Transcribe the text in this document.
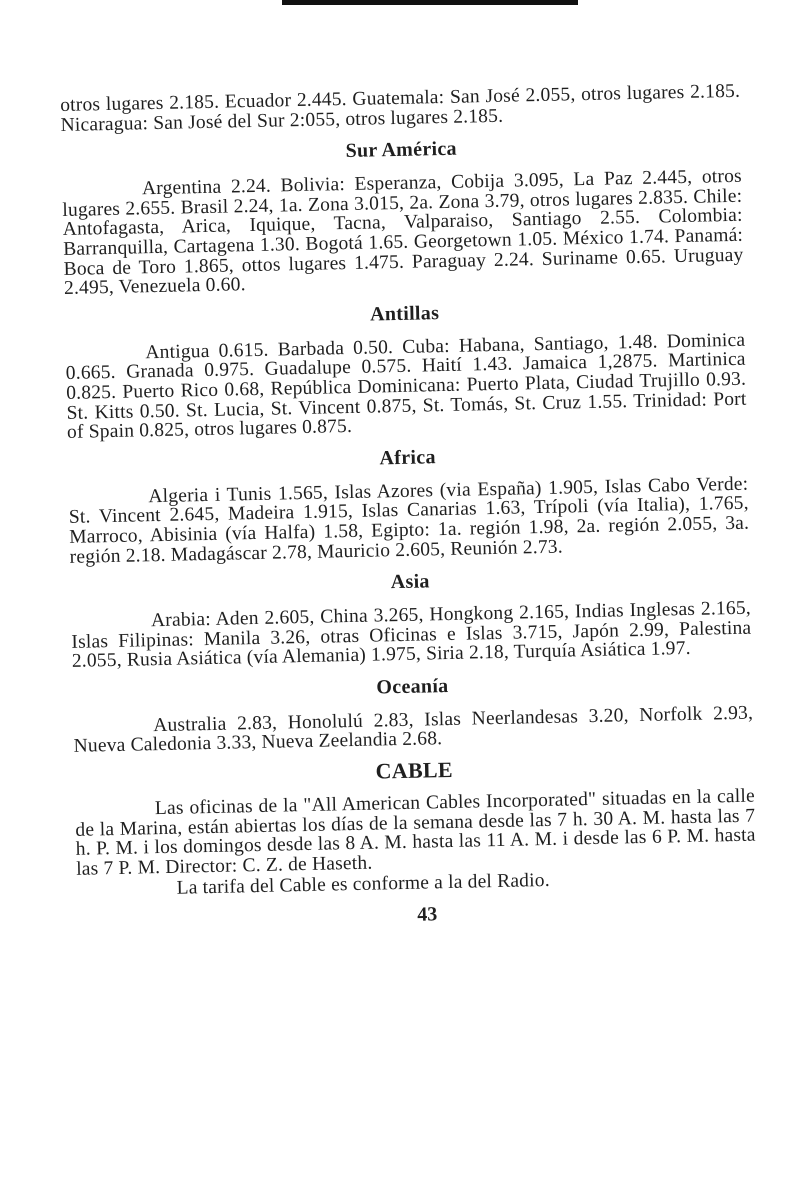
otros lugares 2.185. Ecuador 2.445. Guatemala: San José 2.055, otros lugares 2.185. Nicaragua: San José del Sur 2:055, otros lugares 2.185.

Sur América

Argentina 2.24. Bolivia: Esperanza, Cobija 3.095, La Paz 2.445, otros lugares 2.655. Brasil 2.24, 1a. Zona 3.015, 2a. Zona 3.79, otros lugares 2.835. Chile: Antofagasta, Arica, Iquique, Tacna, Valparaiso, Santiago 2.55. Colombia: Barranquilla, Cartagena 1.30. Bogotá 1.65. Georgetown 1.05. México 1.74. Panamá: Boca de Toro 1.865, ottos lugares 1.475. Paraguay 2.24. Suriname 0.65. Uruguay 2.495, Venezuela 0.60.

Antillas

Antigua 0.615. Barbada 0.50. Cuba: Habana, Santiago, 1.48. Dominica 0.665. Granada 0.975. Guadalupe 0.575. Haití 1.43. Jamaica 1,2875. Martinica 0.825. Puerto Rico 0.68, República Dominicana: Puerto Plata, Ciudad Trujillo 0.93. St. Kitts 0.50. St. Lucia, St. Vincent 0.875, St. Tomás, St. Cruz 1.55. Trinidad: Port of Spain 0.825, otros lugares 0.875.

Africa

Algeria i Tunis 1.565, Islas Azores (via España) 1.905, Islas Cabo Verde: St. Vincent 2.645, Madeira 1.915, Islas Canarias 1.63, Trípoli (vía Italia), 1.765, Marroco, Abisinia (vía Halfa) 1.58, Egipto: 1a. región 1.98, 2a. región 2.055, 3a. región 2.18. Madagáscar 2.78, Mauricio 2.605, Reunión 2.73.

Asia

Arabia: Aden 2.605, China 3.265, Hongkong 2.165, Indias Inglesas 2.165, Islas Filipinas: Manila 3.26, otras Oficinas e Islas 3.715, Japón 2.99, Palestina 2.055, Rusia Asiática (vía Alemania) 1.975, Siria 2.18, Turquía Asiática 1.97.

Oceanía

Australia 2.83, Honolulú 2.83, Islas Neerlandesas 3.20, Norfolk 2.93, Nueva Caledonia 3.33, Nueva Zeelandia 2.68.

CABLE

Las oficinas de la "All American Cables Incorporated" situadas en la calle de la Marina, están abiertas los días de la semana desde las 7 h. 30 A. M. hasta las 7 h. P. M. i los domingos desde las 8 A. M. hasta las 11 A. M. i desde las 6 P. M. hasta las 7 P. M. Director: C. Z. de Haseth.

La tarifa del Cable es conforme a la del Radio.

43
